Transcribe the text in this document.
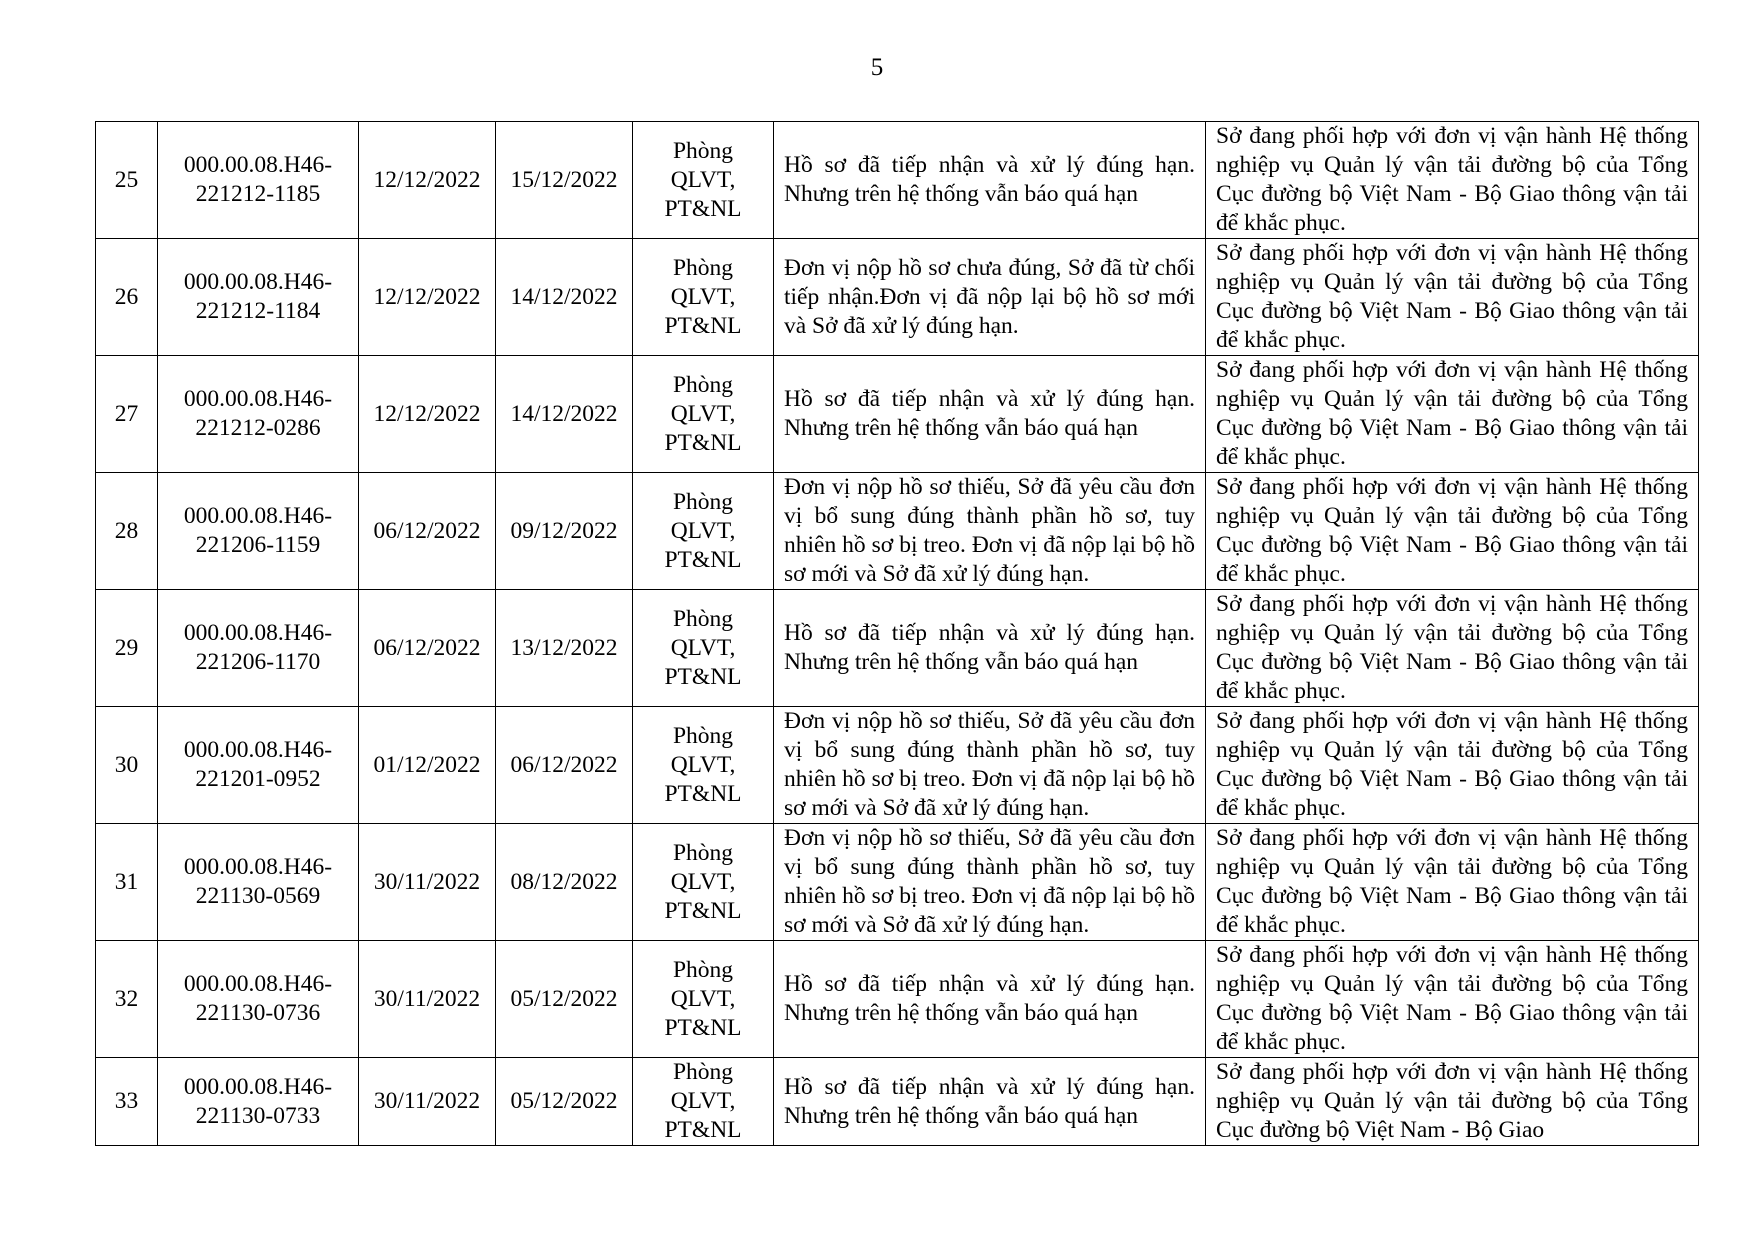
5
25	000.00.08.H46-
221212-1185	12/12/2022	15/12/2022	Phòng
QLVT,
PT&NL	Hồ sơ đã tiếp nhận và xử lý đúng hạn. Nhưng trên hệ thống vẫn báo quá hạn	Sở đang phối hợp với đơn vị vận hành Hệ thống nghiệp vụ Quản lý vận tải đường bộ của Tổng Cục đường bộ Việt Nam - Bộ Giao thông vận tải để khắc phục.
26	000.00.08.H46-
221212-1184	12/12/2022	14/12/2022	Phòng
QLVT,
PT&NL	Đơn vị nộp hồ sơ chưa đúng, Sở đã từ chối tiếp nhận.Đơn vị đã nộp lại bộ hồ sơ mới và Sở đã xử lý đúng hạn.	Sở đang phối hợp với đơn vị vận hành Hệ thống nghiệp vụ Quản lý vận tải đường bộ của Tổng Cục đường bộ Việt Nam - Bộ Giao thông vận tải để khắc phục.
27	000.00.08.H46-
221212-0286	12/12/2022	14/12/2022	Phòng
QLVT,
PT&NL	Hồ sơ đã tiếp nhận và xử lý đúng hạn. Nhưng trên hệ thống vẫn báo quá hạn	Sở đang phối hợp với đơn vị vận hành Hệ thống nghiệp vụ Quản lý vận tải đường bộ của Tổng Cục đường bộ Việt Nam - Bộ Giao thông vận tải để khắc phục.
28	000.00.08.H46-
221206-1159	06/12/2022	09/12/2022	Phòng
QLVT,
PT&NL	Đơn vị nộp hồ sơ thiếu, Sở đã yêu cầu đơn vị bổ sung đúng thành phần hồ sơ, tuy nhiên hồ sơ bị treo. Đơn vị đã nộp lại bộ hồ sơ mới và Sở đã xử lý đúng hạn.	Sở đang phối hợp với đơn vị vận hành Hệ thống nghiệp vụ Quản lý vận tải đường bộ của Tổng Cục đường bộ Việt Nam - Bộ Giao thông vận tải để khắc phục.
29	000.00.08.H46-
221206-1170	06/12/2022	13/12/2022	Phòng
QLVT,
PT&NL	Hồ sơ đã tiếp nhận và xử lý đúng hạn. Nhưng trên hệ thống vẫn báo quá hạn	Sở đang phối hợp với đơn vị vận hành Hệ thống nghiệp vụ Quản lý vận tải đường bộ của Tổng Cục đường bộ Việt Nam - Bộ Giao thông vận tải để khắc phục.
30	000.00.08.H46-
221201-0952	01/12/2022	06/12/2022	Phòng
QLVT,
PT&NL	Đơn vị nộp hồ sơ thiếu, Sở đã yêu cầu đơn vị bổ sung đúng thành phần hồ sơ, tuy nhiên hồ sơ bị treo. Đơn vị đã nộp lại bộ hồ sơ mới và Sở đã xử lý đúng hạn.	Sở đang phối hợp với đơn vị vận hành Hệ thống nghiệp vụ Quản lý vận tải đường bộ của Tổng Cục đường bộ Việt Nam - Bộ Giao thông vận tải để khắc phục.
31	000.00.08.H46-
221130-0569	30/11/2022	08/12/2022	Phòng
QLVT,
PT&NL	Đơn vị nộp hồ sơ thiếu, Sở đã yêu cầu đơn vị bổ sung đúng thành phần hồ sơ, tuy nhiên hồ sơ bị treo. Đơn vị đã nộp lại bộ hồ sơ mới và Sở đã xử lý đúng hạn.	Sở đang phối hợp với đơn vị vận hành Hệ thống nghiệp vụ Quản lý vận tải đường bộ của Tổng Cục đường bộ Việt Nam - Bộ Giao thông vận tải để khắc phục.
32	000.00.08.H46-
221130-0736	30/11/2022	05/12/2022	Phòng
QLVT,
PT&NL	Hồ sơ đã tiếp nhận và xử lý đúng hạn. Nhưng trên hệ thống vẫn báo quá hạn	Sở đang phối hợp với đơn vị vận hành Hệ thống nghiệp vụ Quản lý vận tải đường bộ của Tổng Cục đường bộ Việt Nam - Bộ Giao thông vận tải để khắc phục.
33	000.00.08.H46-
221130-0733	30/11/2022	05/12/2022	Phòng
QLVT,
PT&NL	Hồ sơ đã tiếp nhận và xử lý đúng hạn. Nhưng trên hệ thống vẫn báo quá hạn	Sở đang phối hợp với đơn vị vận hành Hệ thống nghiệp vụ Quản lý vận tải đường bộ của Tổng Cục đường bộ Việt Nam - Bộ Giao
